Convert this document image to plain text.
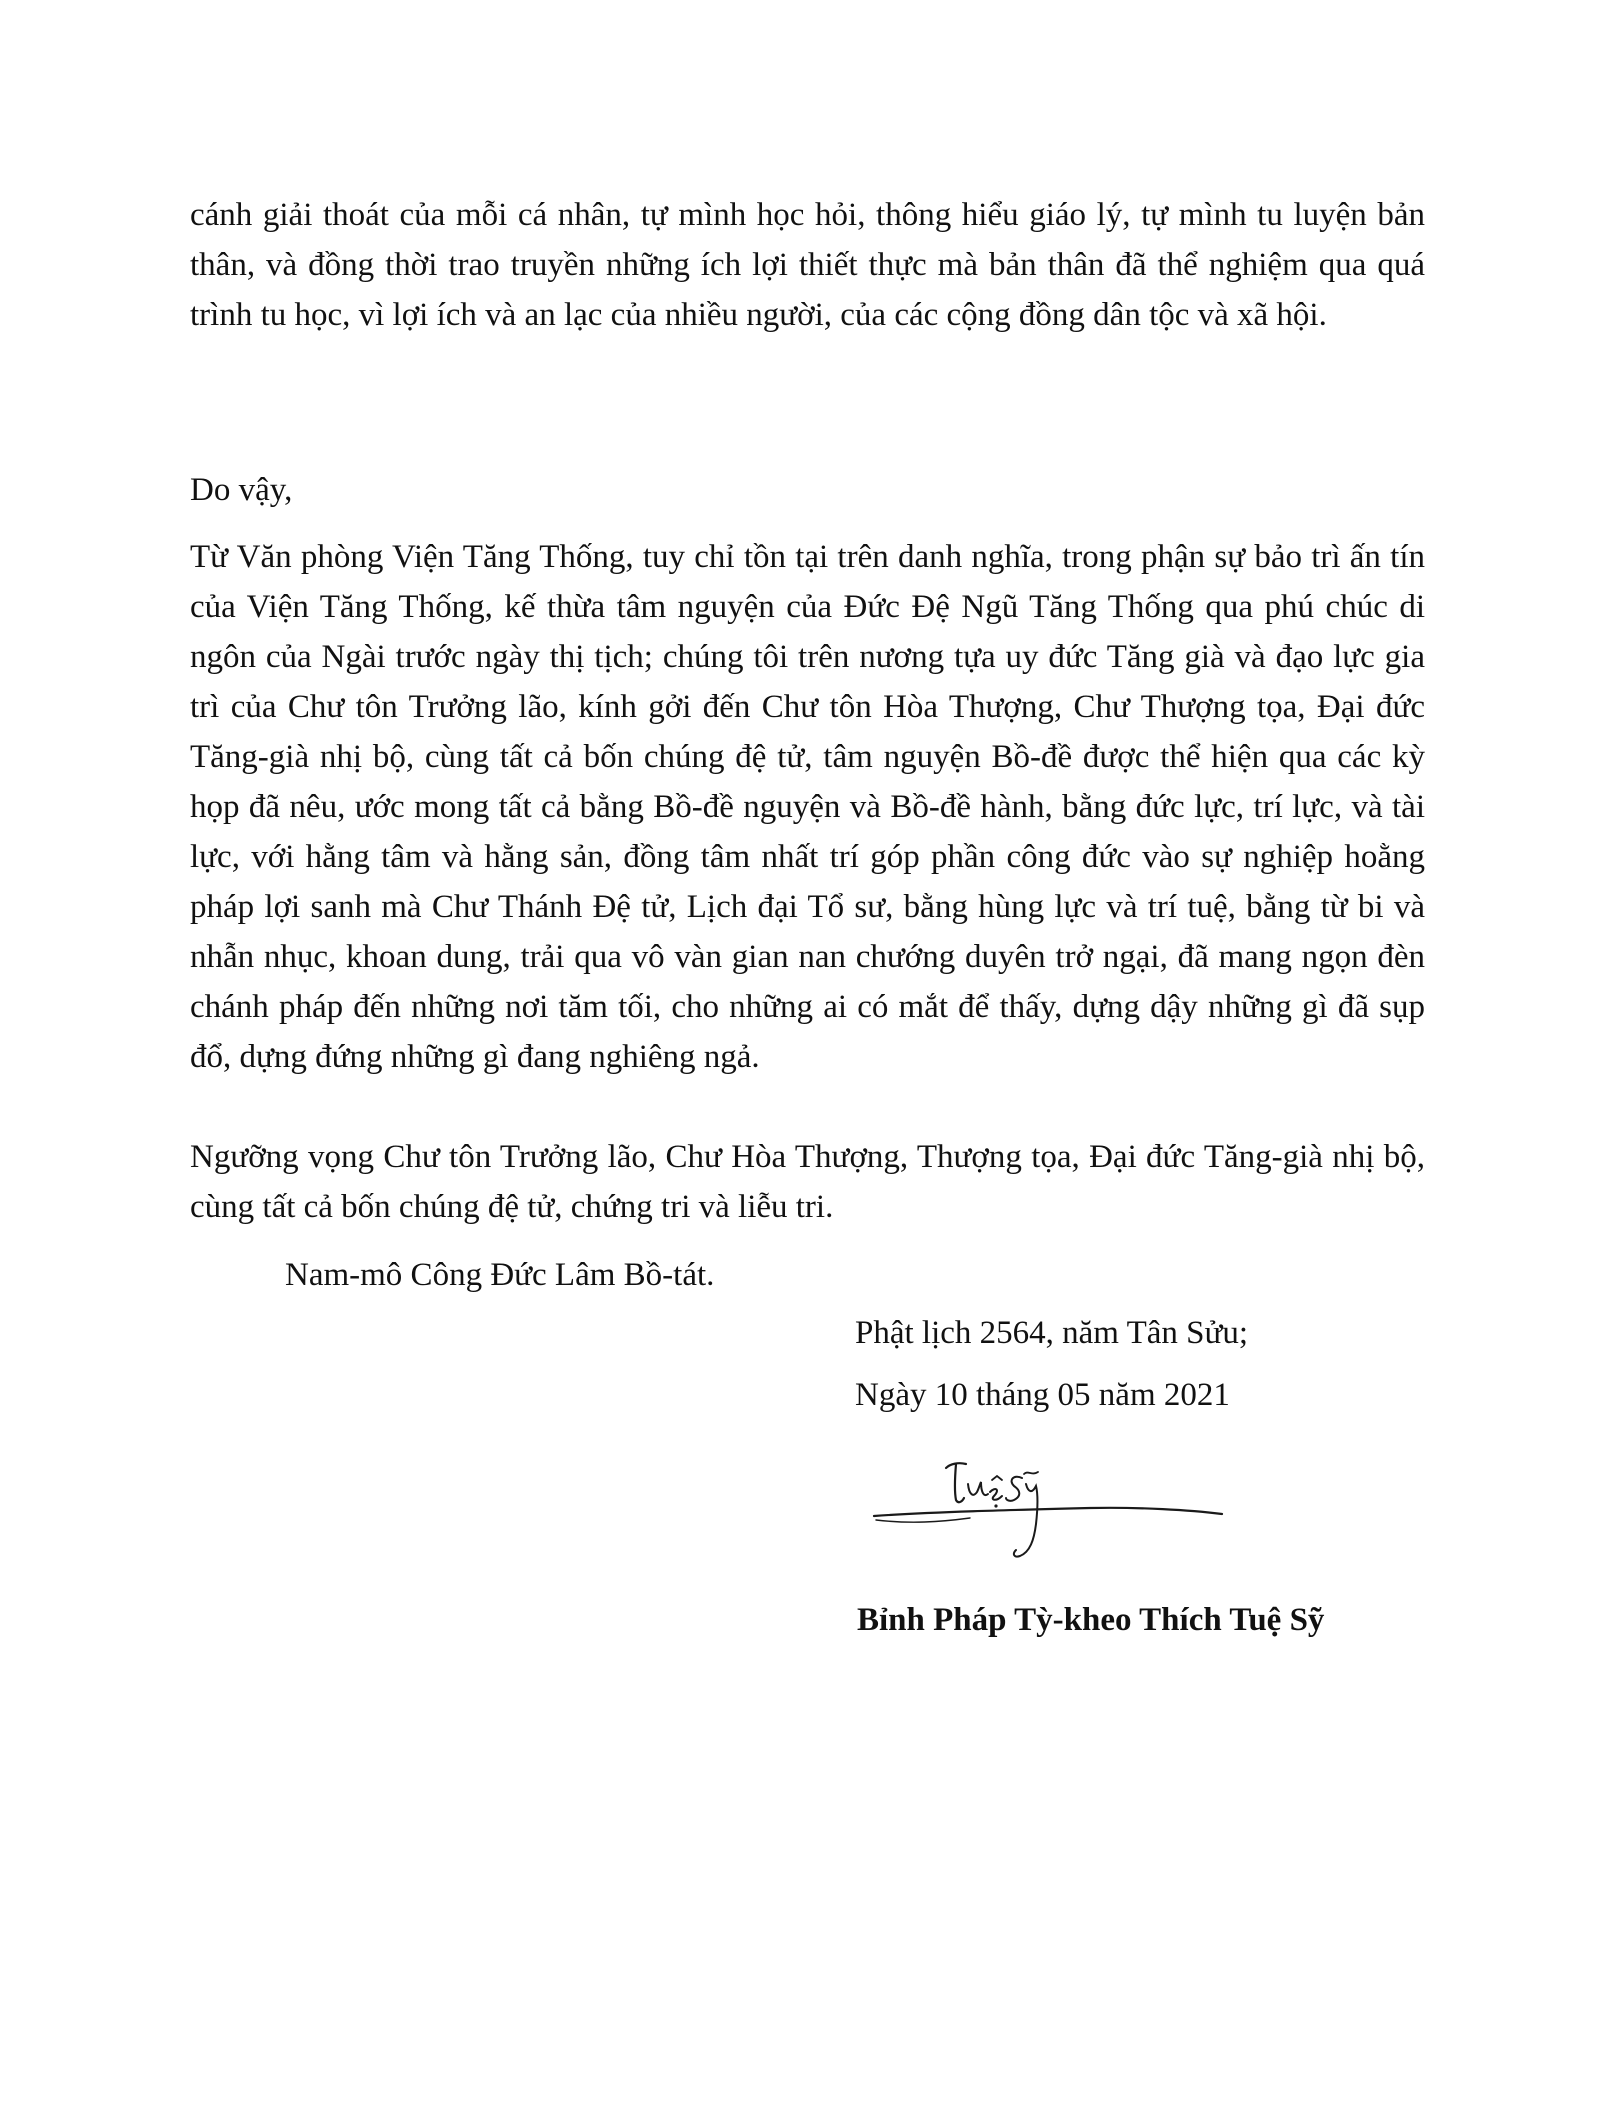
cánh giải thoát của mỗi cá nhân, tự mình học hỏi, thông hiểu giáo lý, tự mình tu luyện bản thân, và đồng thời trao truyền những ích lợi thiết thực mà bản thân đã thể nghiệm qua quá trình tu học, vì lợi ích và an lạc của nhiều người, của các cộng đồng dân tộc và xã hội.

Do vậy,

Từ Văn phòng Viện Tăng Thống, tuy chỉ tồn tại trên danh nghĩa, trong phận sự bảo trì ấn tín của Viện Tăng Thống, kế thừa tâm nguyện của Đức Đệ Ngũ Tăng Thống qua phú chúc di ngôn của Ngài trước ngày thị tịch; chúng tôi trên nương tựa uy đức Tăng già và đạo lực gia trì của Chư tôn Trưởng lão, kính gởi đến Chư tôn Hòa Thượng, Chư Thượng tọa, Đại đức Tăng-già nhị bộ, cùng tất cả bốn chúng đệ tử, tâm nguyện Bồ-đề được thể hiện qua các kỳ họp đã nêu, ước mong tất cả bằng Bồ-đề nguyện và Bồ-đề hành, bằng đức lực, trí lực, và tài lực, với hằng tâm và hằng sản, đồng tâm nhất trí góp phần công đức vào sự nghiệp hoằng pháp lợi sanh mà Chư Thánh Đệ tử, Lịch đại Tổ sư, bằng hùng lực và trí tuệ, bằng từ bi và nhẫn nhục, khoan dung, trải qua vô vàn gian nan chướng duyên trở ngại, đã mang ngọn đèn chánh pháp đến những nơi tăm tối, cho những ai có mắt để thấy, dựng dậy những gì đã sụp đổ, dựng đứng những gì đang nghiêng ngả.

Ngưỡng vọng Chư tôn Trưởng lão, Chư Hòa Thượng, Thượng tọa, Đại đức Tăng-già nhị bộ, cùng tất cả bốn chúng đệ tử, chứng tri và liễu tri.

Nam-mô Công Đức Lâm Bồ-tát.

Phật lịch 2564, năm Tân Sửu;

Ngày 10 tháng 05 năm 2021

Bỉnh Pháp Tỳ-kheo Thích Tuệ Sỹ
